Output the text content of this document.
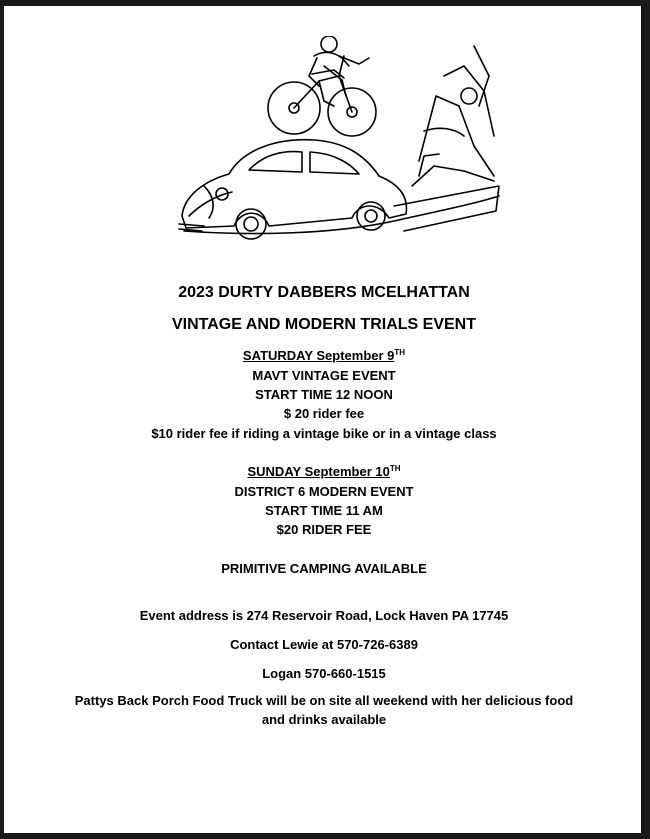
2023 DURTY DABBERS MCELHATTAN
VINTAGE AND MODERN TRIALS EVENT
SATURDAY September 9TH
MAVT VINTAGE EVENT
START TIME 12 NOON
$ 20 rider fee
$10 rider fee if riding a vintage bike or in a vintage class
SUNDAY September 10TH
DISTRICT 6 MODERN EVENT
START TIME 11 AM
$20 RIDER FEE
PRIMITIVE CAMPING AVAILABLE
Event address is 274 Reservoir Road, Lock Haven PA 17745
Contact Lewie at 570-726-6389
Logan 570-660-1515
Pattys Back Porch Food Truck will be on site all weekend with her delicious food
and drinks available
